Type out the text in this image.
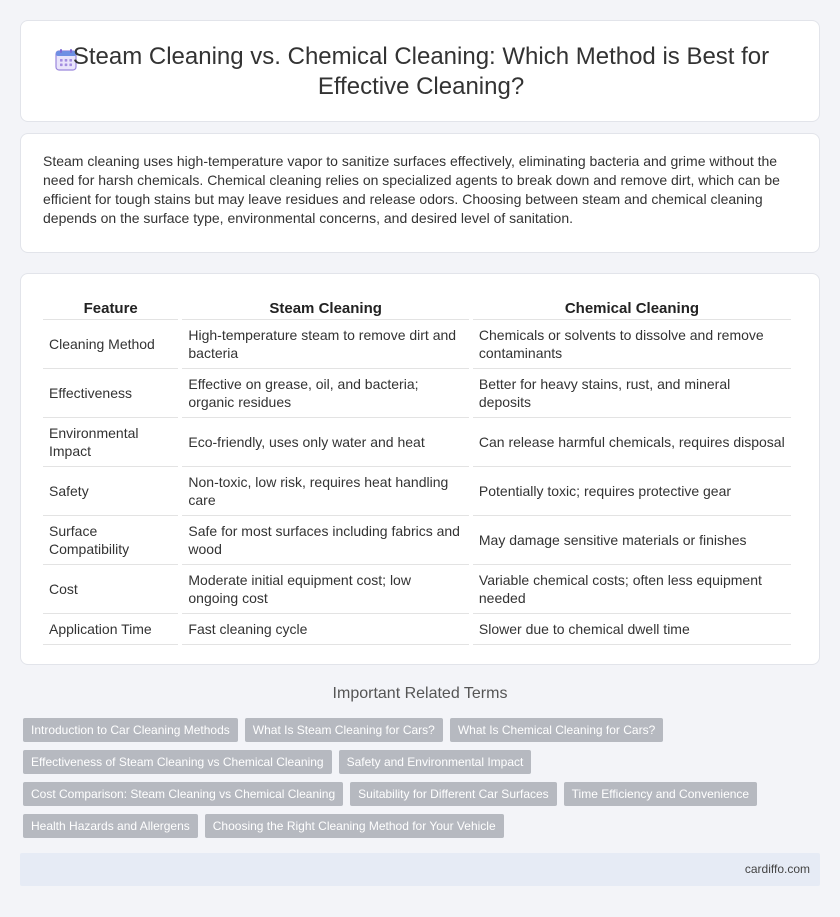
Steam Cleaning vs. Chemical Cleaning: Which Method is Best for Effective Cleaning?

Steam cleaning uses high-temperature vapor to sanitize surfaces effectively, eliminating bacteria and grime without the need for harsh chemicals. Chemical cleaning relies on specialized agents to break down and remove dirt, which can be efficient for tough stains but may leave residues and release odors. Choosing between steam and chemical cleaning depends on the surface type, environmental concerns, and desired level of sanitation.

Feature	Steam Cleaning	Chemical Cleaning
Cleaning Method	High-temperature steam to remove dirt and bacteria	Chemicals or solvents to dissolve and remove contaminants
Effectiveness	Effective on grease, oil, and bacteria; organic residues	Better for heavy stains, rust, and mineral deposits
Environmental Impact	Eco-friendly, uses only water and heat	Can release harmful chemicals, requires disposal
Safety	Non-toxic, low risk, requires heat handling care	Potentially toxic; requires protective gear
Surface Compatibility	Safe for most surfaces including fabrics and wood	May damage sensitive materials or finishes
Cost	Moderate initial equipment cost; low ongoing cost	Variable chemical costs; often less equipment needed
Application Time	Fast cleaning cycle	Slower due to chemical dwell time
Important Related Terms
Introduction to Car Cleaning Methods	What Is Steam Cleaning for Cars?	What Is Chemical Cleaning for Cars?
Effectiveness of Steam Cleaning vs Chemical Cleaning	Safety and Environmental Impact
Cost Comparison: Steam Cleaning vs Chemical Cleaning	Suitability for Different Car Surfaces	Time Efficiency and Convenience
Health Hazards and Allergens	Choosing the Right Cleaning Method for Your Vehicle
cardiffo.com
